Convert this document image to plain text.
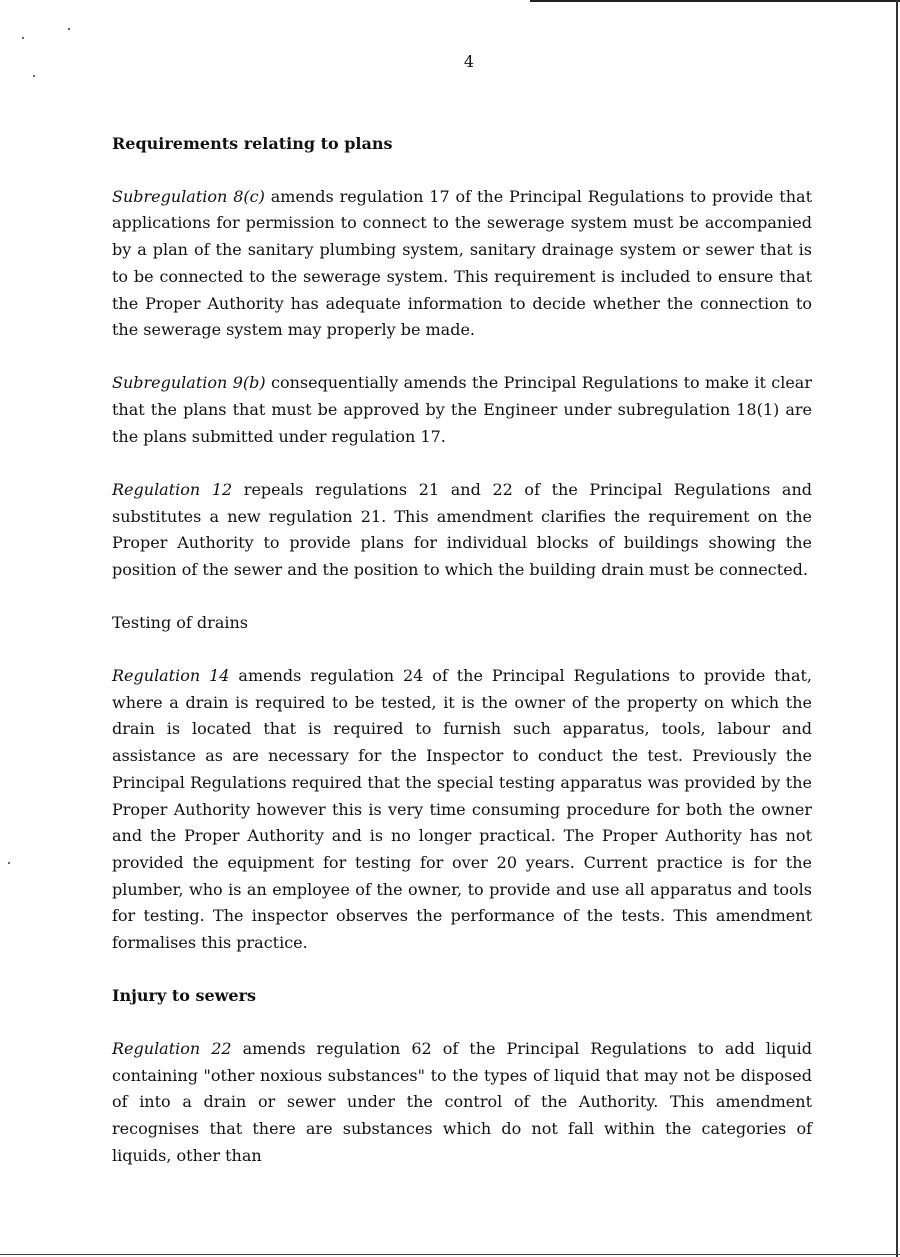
4

Requirements relating to plans

Subregulation 8(c) amends regulation 17 of the Principal Regulations to provide that applications for permission to connect to the sewerage system must be accompanied by a plan of the sanitary plumbing system, sanitary drainage system or sewer that is to be connected to the sewerage system. This requirement is included to ensure that the Proper Authority has adequate information to decide whether the connection to the sewerage system may properly be made.

Subregulation 9(b) consequentially amends the Principal Regulations to make it clear that the plans that must be approved by the Engineer under subregulation 18(1) are the plans submitted under regulation 17.

Regulation 12 repeals regulations 21 and 22 of the Principal Regulations and substitutes a new regulation 21. This amendment clarifies the requirement on the Proper Authority to provide plans for individual blocks of buildings showing the position of the sewer and the position to which the building drain must be connected.

Testing of drains

Regulation 14 amends regulation 24 of the Principal Regulations to provide that, where a drain is required to be tested, it is the owner of the property on which the drain is located that is required to furnish such apparatus, tools, labour and assistance as are necessary for the Inspector to conduct the test. Previously the Principal Regulations required that the special testing apparatus was provided by the Proper Authority however this is very time consuming procedure for both the owner and the Proper Authority and is no longer practical. The Proper Authority has not provided the equipment for testing for over 20 years. Current practice is for the plumber, who is an employee of the owner, to provide and use all apparatus and tools for testing. The inspector observes the performance of the tests. This amendment formalises this practice.

Injury to sewers

Regulation 22 amends regulation 62 of the Principal Regulations to add liquid containing "other noxious substances" to the types of liquid that may not be disposed of into a drain or sewer under the control of the Authority. This amendment recognises that there are substances which do not fall within the categories of liquids, other than
